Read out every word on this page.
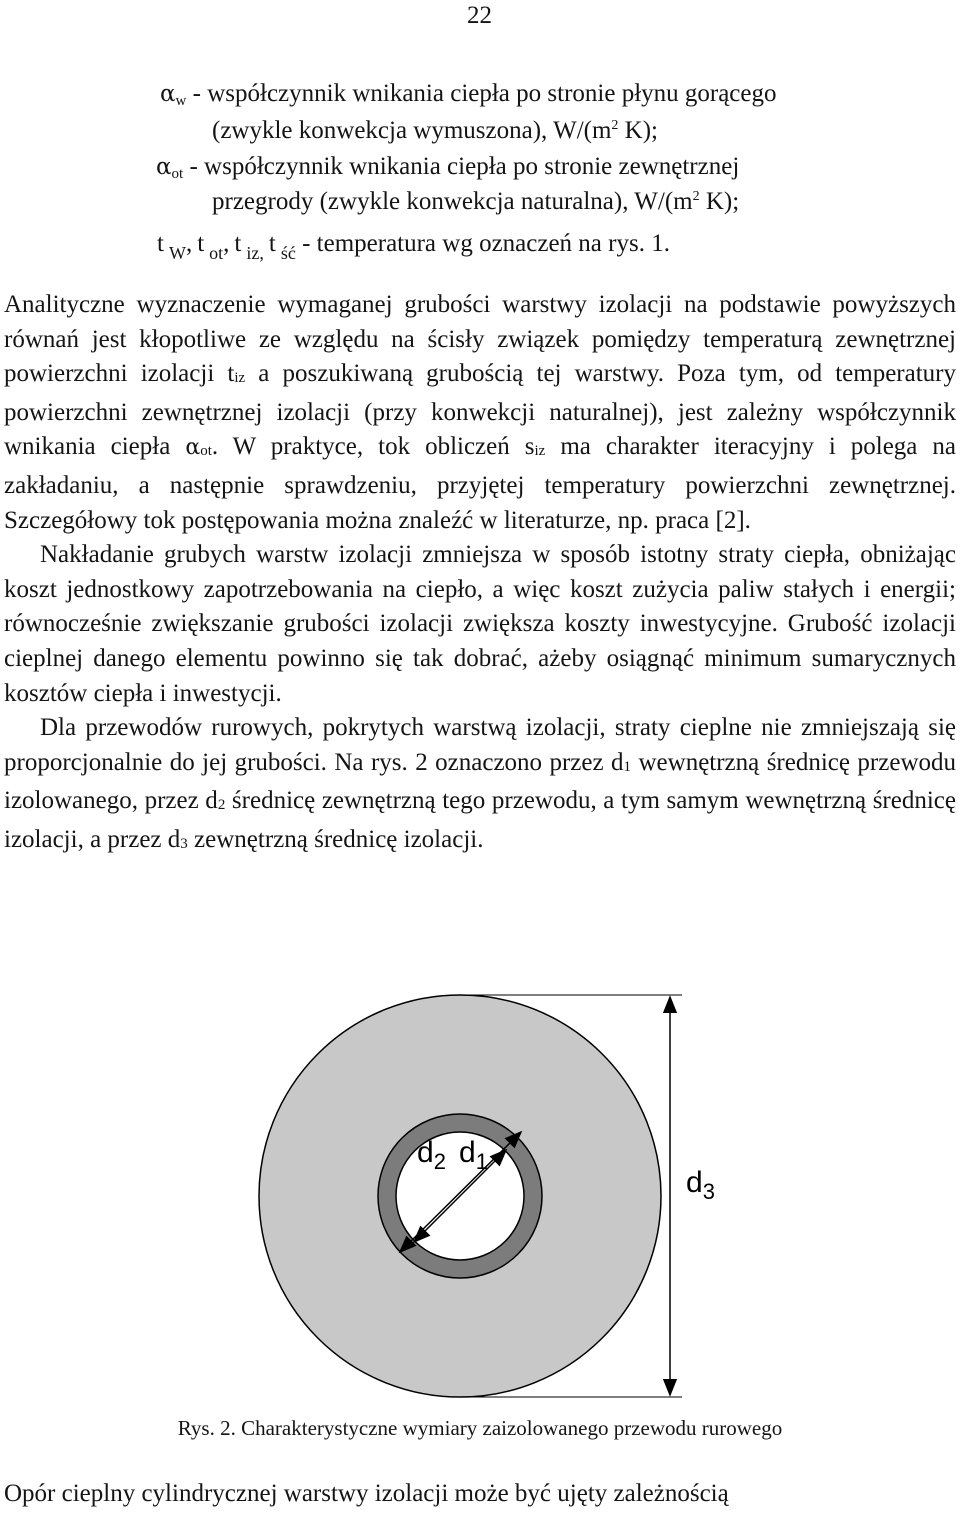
22
$\alpha_w$ - współczynnik wnikania ciepła po stronie płynu gorącego
(zwykle konwekcja wymuszona), $W/(m^2$ K);
$\alpha_{ot}$ - współczynnik wnikania ciepła po stronie zewnętrznej
przegrody (zwykle konwekcja naturalna), $W/(m^2$ K);
t $_W$, t $_{ot}$, t $_{iz,}$ t $_{ść}$ - temperatura wg oznaczeń na rys. 1.

Analityczne wyznaczenie wymaganej grubości warstwy izolacji na podstawie powyższych równań jest kłopotliwe ze względu na ścisły związek pomiędzy temperaturą zewnętrznej powierzchni izolacji tiz a poszukiwaną grubością tej warstwy. Poza tym, od temperatury powierzchni zewnętrznej izolacji (przy konwekcji naturalnej), jest zależny współczynnik wnikania ciepła αot. W praktyce, tok obliczeń siz ma charakter iteracyjny i polega na zakładaniu, a następnie sprawdzeniu, przyjętej temperatury powierzchni zewnętrznej. Szczegółowy tok postępowania można znaleźć w literaturze, np. praca [2].

Nakładanie grubych warstw izolacji zmniejsza w sposób istotny straty ciepła, obniżając koszt jednostkowy zapotrzebowania na ciepło, a więc koszt zużycia paliw stałych i energii; równocześnie zwiększanie grubości izolacji zwiększa koszty inwestycyjne. Grubość izolacji cieplnej danego elementu powinno się tak dobrać, ażeby osiągnąć minimum sumarycznych kosztów ciepła i inwestycji.

Dla przewodów rurowych, pokrytych warstwą izolacji, straty cieplne nie zmniejszają się proporcjonalnie do jej grubości. Na rys. 2 oznaczono przez d1 wewnętrzną średnicę przewodu izolowanego, przez d2 średnicę zewnętrzną tego przewodu, a tym samym wewnętrzną średnicę izolacji, a przez d3 zewnętrzną średnicę izolacji.

$d_2$ $d_1$
$d_3$
Rys. 2. Charakterystyczne wymiary zaizolowanego przewodu rurowego
Opór cieplny cylindrycznej warstwy izolacji może być ujęty zależnością
